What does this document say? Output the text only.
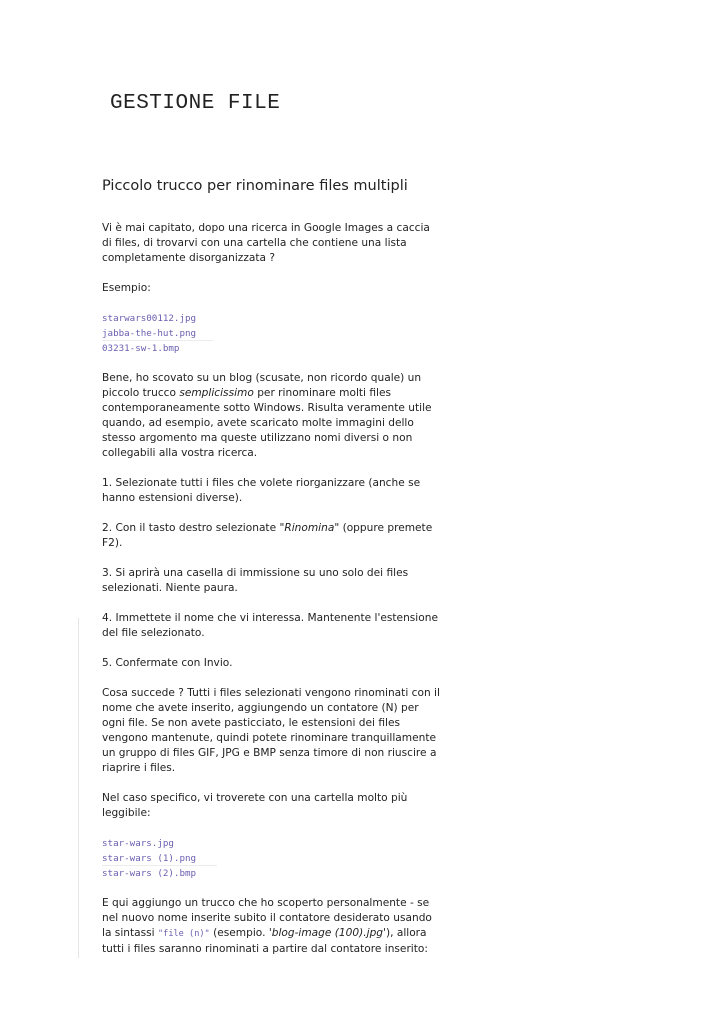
GESTIONE FILE
Piccolo trucco per rinominare files multipli

Vi è mai capitato, dopo una ricerca in Google Images a caccia di files, di trovarvi con una cartella che contiene una lista completamente disorganizzata ?

Esempio:

starwars00112.jpg
jabba-the-hut.png
03231-sw-1.bmp

Bene, ho scovato su un blog (scusate, non ricordo quale) un piccolo trucco semplicissimo per rinominare molti files contemporaneamente sotto Windows. Risulta veramente utile quando, ad esempio, avete scaricato molte immagini dello stesso argomento ma queste utilizzano nomi diversi o non collegabili alla vostra ricerca.

1. Selezionate tutti i files che volete riorganizzare (anche se hanno estensioni diverse).

2. Con il tasto destro selezionate "Rinomina" (oppure premete F2).

3. Si aprirà una casella di immissione su uno solo dei files selezionati. Niente paura.

4. Immettete il nome che vi interessa. Mantenente l'estensione del file selezionato.

5. Confermate con Invio.

Cosa succede ? Tutti i files selezionati vengono rinominati con il nome che avete inserito, aggiungendo un contatore (N) per ogni file. Se non avete pasticciato, le estensioni dei files vengono mantenute, quindi potete rinominare tranquillamente un gruppo di files GIF, JPG e BMP senza timore di non riuscire a riaprire i files.

Nel caso specifico, vi troverete con una cartella molto più leggibile:

star-wars.jpg
star-wars (1).png
star-wars (2).bmp

E qui aggiungo un trucco che ho scoperto personalmente - se nel nuovo nome inserite subito il contatore desiderato usando la sintassi "file (n)" (esempio. 'blog-image (100).jpg'), allora tutti i files saranno rinominati a partire dal contatore inserito:
